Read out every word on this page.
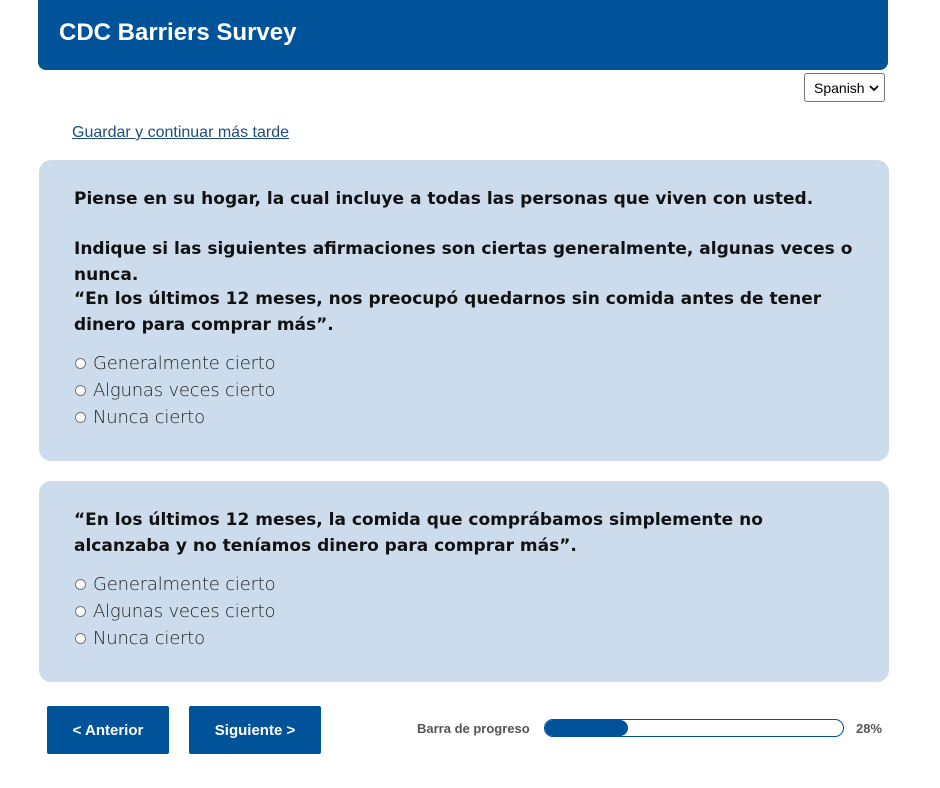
CDC Barriers Survey
Spanish
Guardar y continuar más tarde

Piense en su hogar, la cual incluye a todas las personas que viven con usted.

Indique si las siguientes afirmaciones son ciertas generalmente, algunas veces o nunca.

“En los últimos 12 meses, nos preocupó quedarnos sin comida antes de tener dinero para comprar más”.

Generalmente cierto
Algunas veces cierto
Nunca cierto

“En los últimos 12 meses, la comida que comprábamos simplemente no alcanzaba y no teníamos dinero para comprar más”.

Generalmente cierto
Algunas veces cierto
Nunca cierto
< Anterior	Siguiente >	Barra de progreso	28%
